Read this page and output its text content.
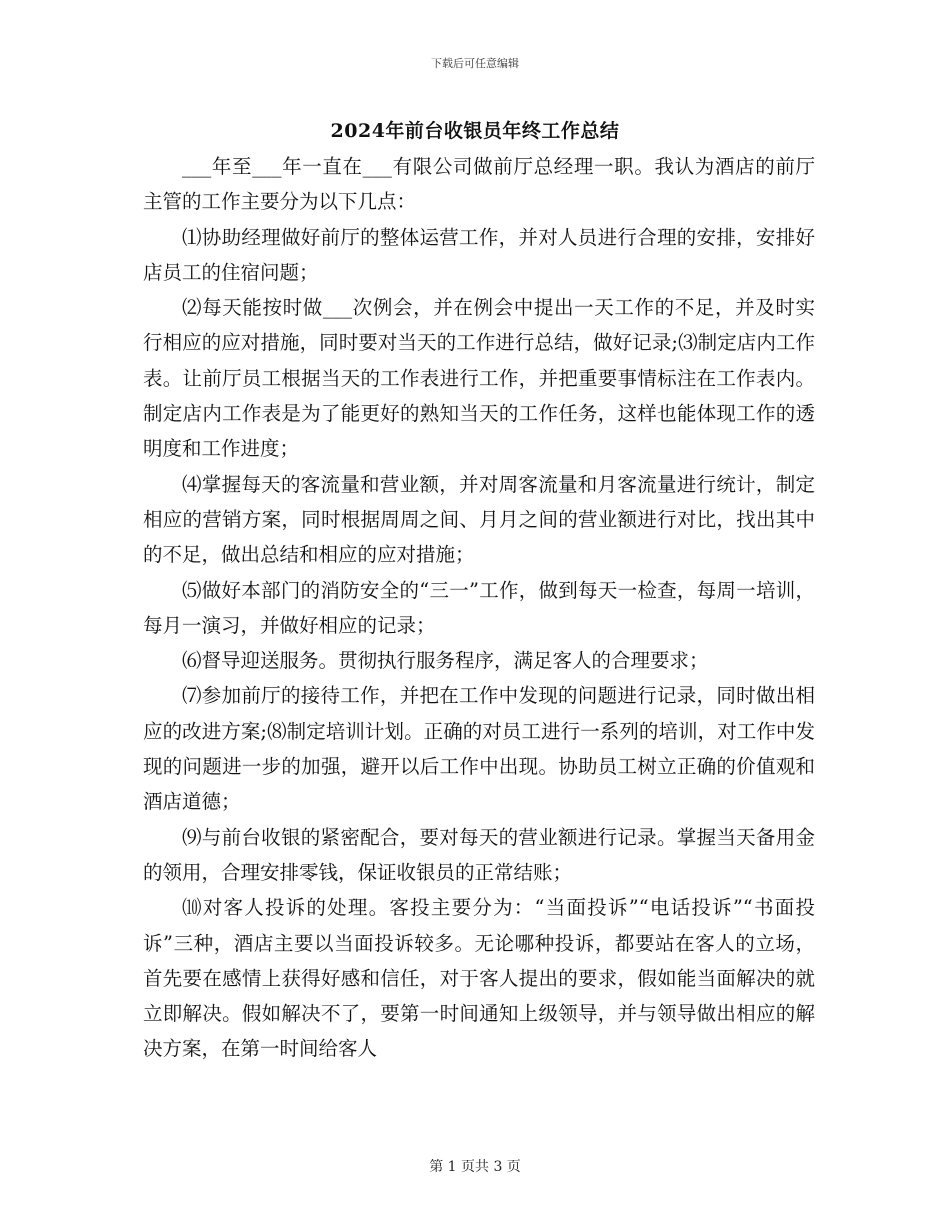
下载后可任意编辑
2024年前台收银员年终工作总结

___年至___年一直在___有限公司做前厅总经理一职。我认为酒店的前厅主管的工作主要分为以下几点：

⑴协助经理做好前厅的整体运营工作，并对人员进行合理的安排，安排好店员工的住宿问题；

⑵每天能按时做___次例会，并在例会中提出一天工作的不足，并及时实行相应的应对措施，同时要对当天的工作进行总结，做好记录;⑶制定店内工作表。让前厅员工根据当天的工作表进行工作，并把重要事情标注在工作表内。制定店内工作表是为了能更好的熟知当天的工作任务，这样也能体现工作的透明度和工作进度；

⑷掌握每天的客流量和营业额，并对周客流量和月客流量进行统计，制定相应的营销方案，同时根据周周之间、月月之间的营业额进行对比，找出其中的不足，做出总结和相应的应对措施；

⑸做好本部门的消防安全的“三一”工作，做到每天一检查，每周一培训，每月一演习，并做好相应的记录；

⑹督导迎送服务。贯彻执行服务程序，满足客人的合理要求；

⑺参加前厅的接待工作，并把在工作中发现的问题进行记录，同时做出相应的改进方案;⑻制定培训计划。正确的对员工进行一系列的培训，对工作中发现的问题进一步的加强，避开以后工作中出现。协助员工树立正确的价值观和酒店道德；

⑼与前台收银的紧密配合，要对每天的营业额进行记录。掌握当天备用金的领用，合理安排零钱，保证收银员的正常结账；

⑽对客人投诉的处理。客投主要分为：“当面投诉”“电话投诉”“书面投诉”三种，酒店主要以当面投诉较多。无论哪种投诉，都要站在客人的立场，首先要在感情上获得好感和信任，对于客人提出的要求，假如能当面解决的就立即解决。假如解决不了，要第一时间通知上级领导，并与领导做出相应的解决方案，在第一时间给客人

第 1 页共 3 页
